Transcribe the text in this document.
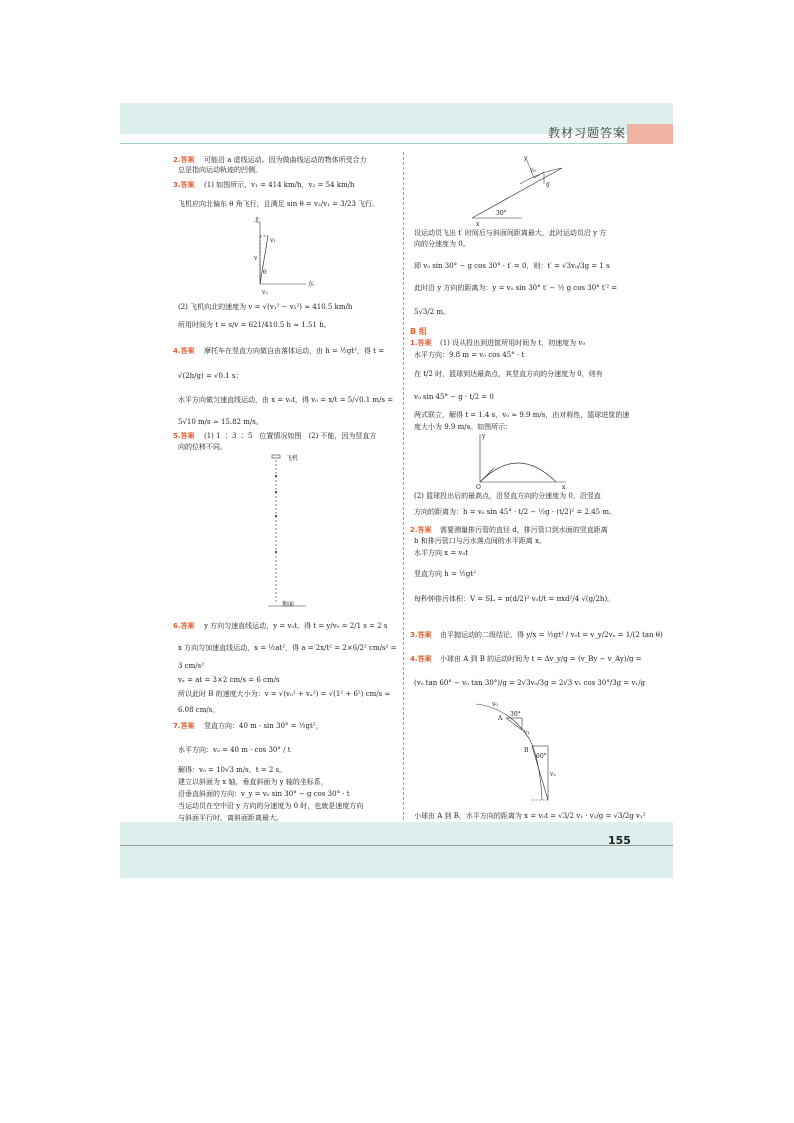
教材习题答案
2.答案 可能沿 a 虚线运动。因为做曲线运动的物体所受合力
总是指向运动轨迹的凹侧。
3.答案 (1) 如图所示，v₁ = 414 km/h，v₂ = 54 km/h
飞机应向北偏东 θ 角飞行，且满足 sin θ = v₂/v₁ = 3/23 飞行。
北
东
v₁
v₂
v
θ
(2) 飞机向北的速度为 v = √(v₁² − v₂²) ≈ 410.5 km/h
所用时间为 t = s/v = 621/410.5 h ≈ 1.51 h。
4.答案 摩托车在竖直方向做自由落体运动，由 h = ½gt²，得 t =
√(2h/g) = √0.1 s；
水平方向做匀速直线运动，由 x = v₀t，得 v₀ = x/t = 5/√0.1 m/s =
5√10 m/s ≈ 15.82 m/s。
5.答案 (1) 1 ∶ 3 ∶ 5　位置情况如图　(2) 不能，因为竖直方
向的位移不同。
飞机
地面
6.答案 y 方向匀速直线运动，y = v₀t，得 t = y/v₀ = 2/1 s = 2 s
x 方向匀加速直线运动，x = ½at²，得 a = 2x/t² = 2×6/2² cm/s² =
3 cm/s²
vₓ = at = 3×2 cm/s = 6 cm/s
所以此时 B 的速度大小为：v = √(v₀² + vₓ²) = √(1² + 6²) cm/s ≈
6.08 cm/s。
7.答案 竖直方向：40 m · sin 30° = ½gt²，
水平方向：v₀ = 40 m · cos 30° / t
解得：v₀ = 10√3 m/s，t = 2 s。
建立以斜面为 x 轴，垂直斜面为 y 轴的坐标系，
沿垂直斜面的方向：v_y = v₀ sin 30° − g cos 30° · t
当运动员在空中沿 y 方向的分速度为 0 时，也就是速度方向
与斜面平行时，离斜面距离最大。
y
v₀
g
x
30°
设运动员飞出 t′ 时间后与斜面间距离最大，此时运动员沿 y 方
向的分速度为 0。
即 v₀ sin 30° − g cos 30° · t′ = 0，则：t′ = √3v₀/3g = 1 s
此时沿 y 方向的距离为：y = v₀ sin 30° t′ − ½ g cos 30° t′² =
5√3/2 m。
B 组
1.答案 (1) 设从投出到进筐所用时间为 t，初速度为 v₀
水平方向：9.8 m = v₀ cos 45° · t
在 t/2 时，篮球到达最高点，其竖直方向的分速度为 0，则有
v₀ sin 45° − g · t/2 = 0
两式联立，解得 t = 1.4 s，v₀ ≈ 9.9 m/s，由对称性，篮球进筐的速
度大小为 9.9 m/s。如图所示：
y
O	x
(2) 篮球投出后的最高点，沿竖直方向的分速度为 0，沿竖直
方向的距离为：h = v₀ sin 45° · t/2 − ½g · (t/2)² = 2.45 m。
2.答案 需要测量排污管的直径 d，排污管口到水面的竖直距离
h 和排污管口与污水落点间的水平距离 x。
水平方向 x = v₀t
竖直方向 h = ½gt²
每秒钟排污体积：V = SL = π(d/2)² v₀t/t = πxd²/4 √(g/2h)。
3.答案 由平抛运动的二级结论，得 y/x = ½gt² / v₀t = v_y/2vₓ = 1/(2 tan θ)
4.答案 小球由 A 到 B 的运动时间为 t = Δv_y/g = (v_By − v_Ay)/g =
(v₀ tan 60° − v₀ tan 30°)/g = 2√3v₀/3g = 2√3 v₁ cos 30°/3g = v₁/g
v₀
A
30°
v₁
B
60°
v₂
小球由 A 到 B，水平方向的距离为 x = v₀t = √3/2 v₁ · v₁/g = √3/2g v₁²
155
